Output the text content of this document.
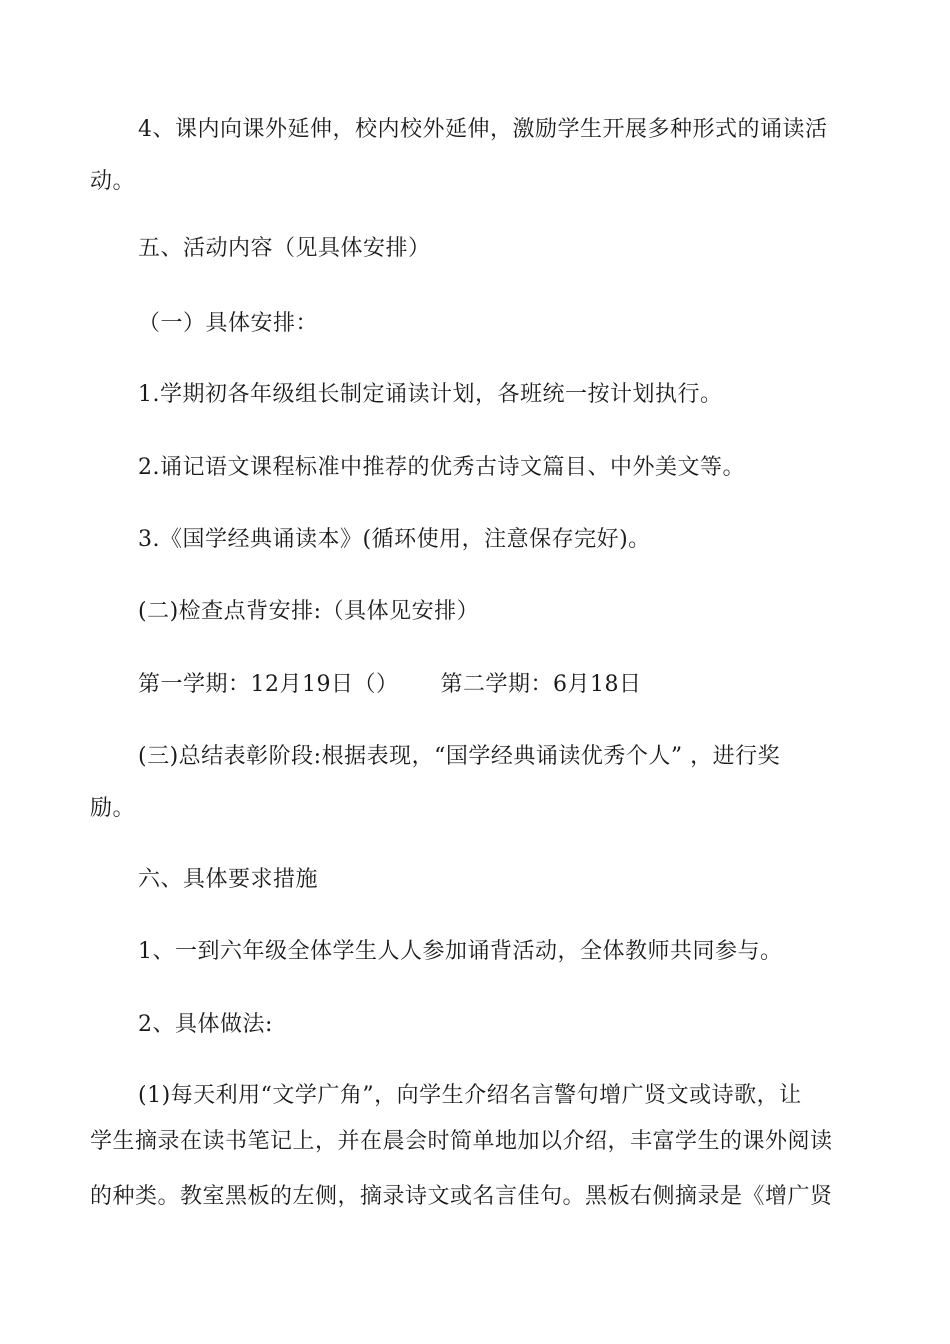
4、课内向课外延伸，校内校外延伸，激励学生开展多种形式的诵读活
动。
五、活动内容（见具体安排）
（一）具体安排：
1.学期初各年级组长制定诵读计划，各班统一按计划执行。
2.诵记语文课程标准中推荐的优秀古诗文篇目、中外美文等。
3.《国学经典诵读本》(循环使用，注意保存完好)。
(二)检查点背安排:（具体见安排）
第一学期：12月19日（） 第二学期：6月18日
(三)总结表彰阶段:根据表现，“国学经典诵读优秀个人” ，进行奖
励。
六、具体要求措施
1、一到六年级全体学生人人参加诵背活动，全体教师共同参与。
2、具体做法:
(1)每天利用“文学广角”，向学生介绍名言警句增广贤文或诗歌，让
学生摘录在读书笔记上，并在晨会时简单地加以介绍，丰富学生的课外阅读
的种类。教室黑板的左侧，摘录诗文或名言佳句。黑板右侧摘录是《增广贤
